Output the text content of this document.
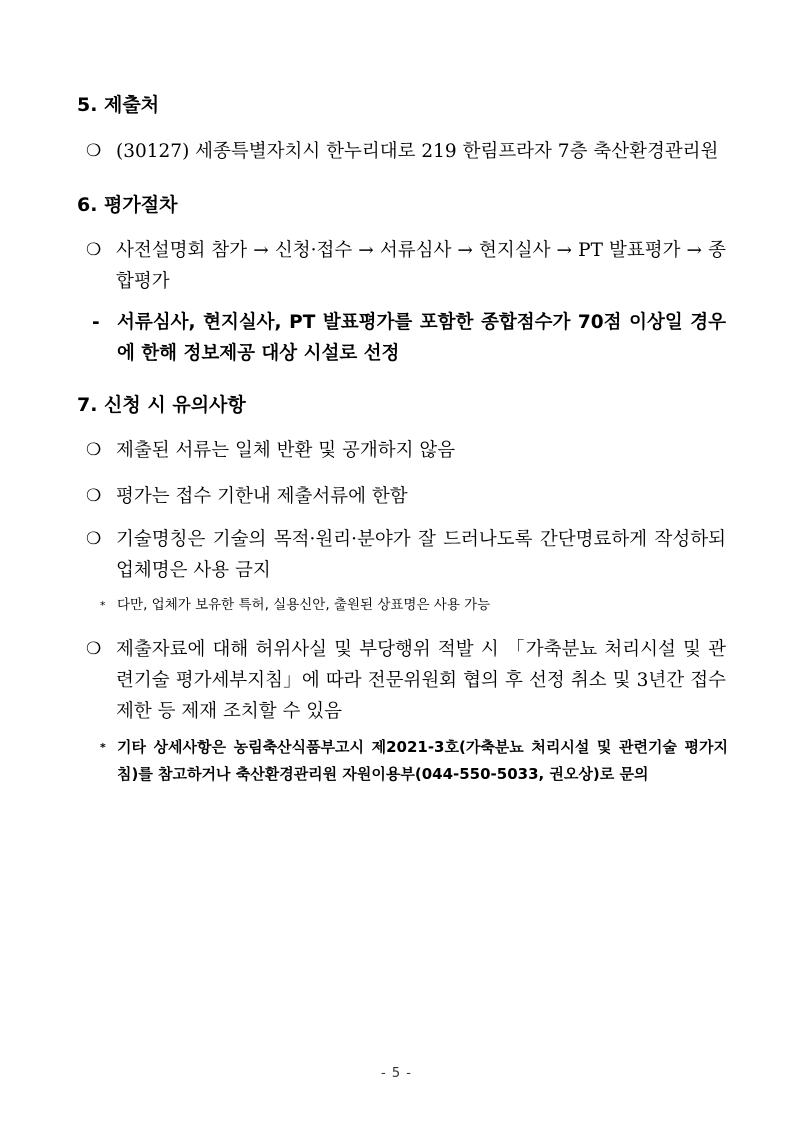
5. 제출처
❍ (30127) 세종특별자치시 한누리대로 219 한림프라자 7층 축산환경관리원
6. 평가절차
❍ 사전설명회 참가 → 신청·접수 → 서류심사 → 현지실사 → PT 발표평가 → 종합평가
- 서류심사, 현지실사, PT 발표평가를 포함한 종합점수가 70점 이상일 경우에 한해 정보제공 대상 시설로 선정
7. 신청 시 유의사항
❍ 제출된 서류는 일체 반환 및 공개하지 않음
❍ 평가는 접수 기한내 제출서류에 한함
❍ 기술명칭은 기술의 목적·원리·분야가 잘 드러나도록 간단명료하게 작성하되 업체명은 사용 금지
* 다만, 업체가 보유한 특허, 실용신안, 출원된 상표명은 사용 가능
❍ 제출자료에 대해 허위사실 및 부당행위 적발 시 「가축분뇨 처리시설 및 관련기술 평가세부지침」에 따라 전문위원회 협의 후 선정 취소 및 3년간 접수 제한 등 제재 조치할 수 있음
* 기타 상세사항은 농림축산식품부고시 제2021-3호(가축분뇨 처리시설 및 관련기술 평가지침)를 참고하거나 축산환경관리원 자원이용부(044-550-5033, 권오상)로 문의
- 5 -
